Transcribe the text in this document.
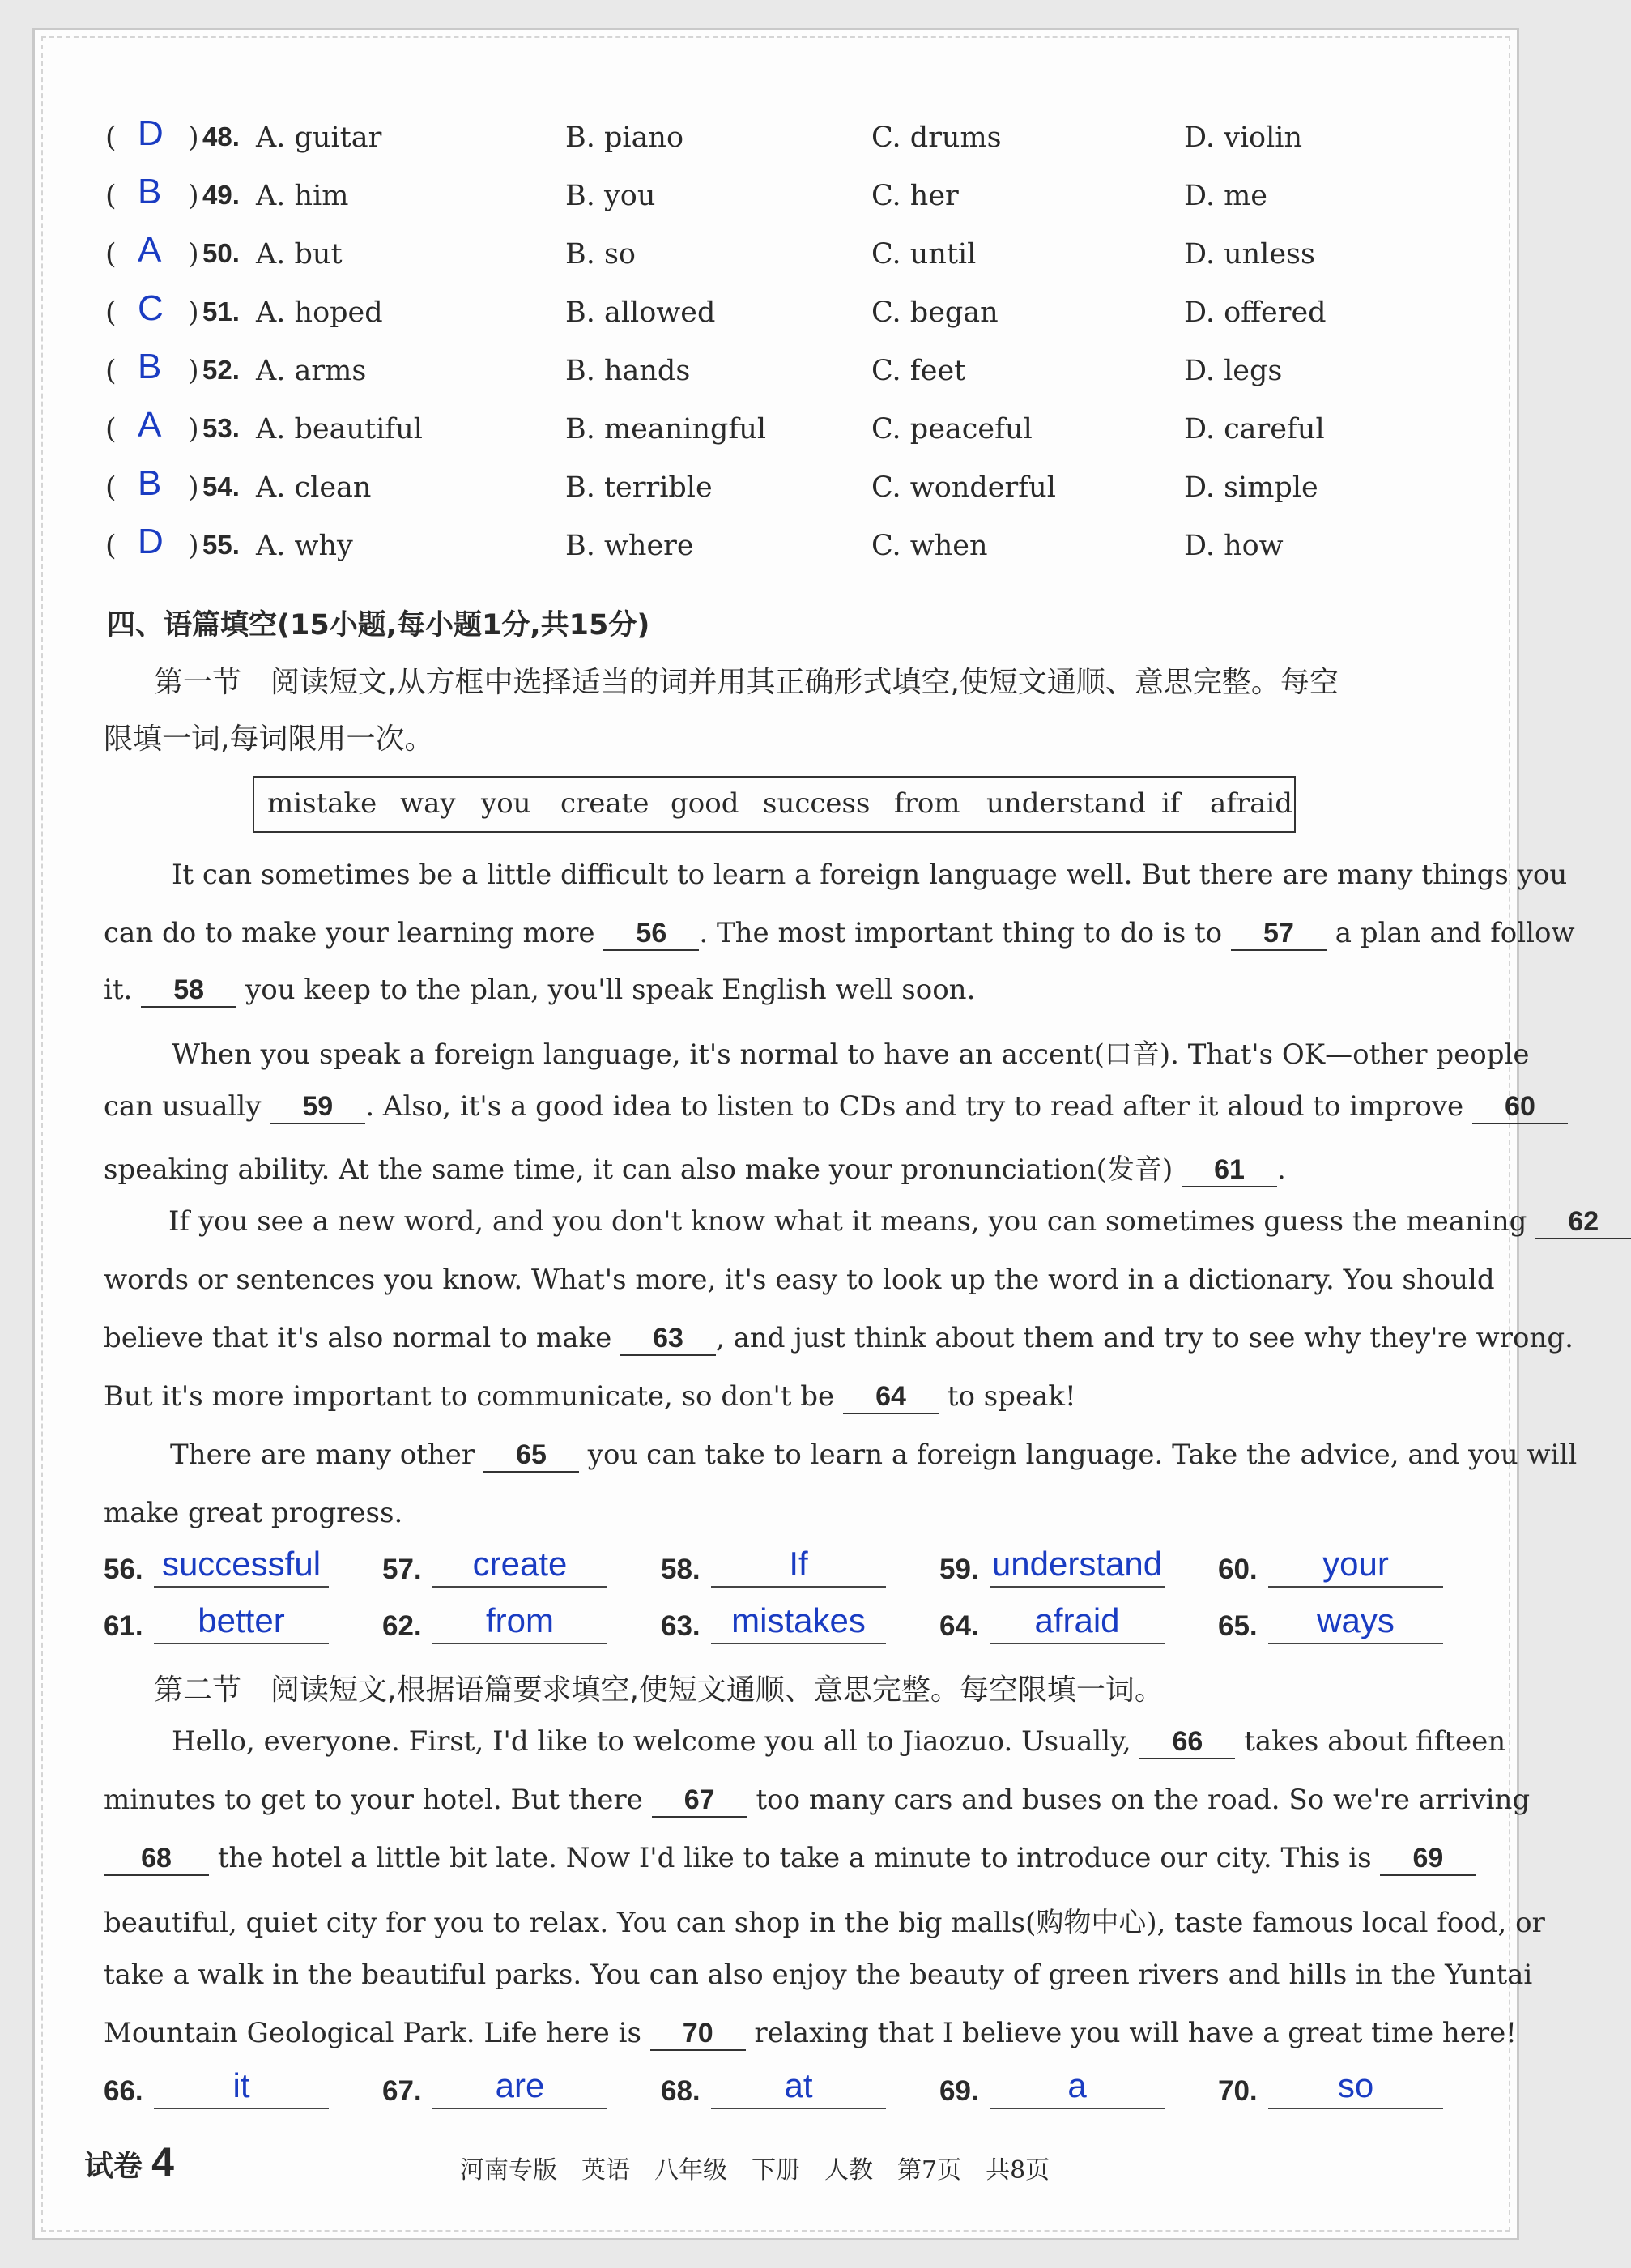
( D ) 48. A. guitar	B. piano	C. drums	D. violin
( B ) 49. A. him	B. you	C. her	D. me
( A ) 50. A. but	B. so	C. until	D. unless
( C ) 51. A. hoped	B. allowed	C. began	D. offered
( B ) 52. A. arms	B. hands	C. feet	D. legs
( A ) 53. A. beautiful	B. meaningful	C. peaceful	D. careful
( B ) 54. A. clean	B. terrible	C. wonderful	D. simple
( D ) 55. A. why	B. where	C. when	D. how
四、语篇填空(15小题,每小题1分,共15分)
第一节　阅读短文,从方框中选择适当的词并用其正确形式填空,使短文通顺、意思完整。每空
限填一词,每词限用一次。
mistake way you create good success from understand if afraid
It can sometimes be a little difficult to learn a foreign language well. But there are many things you
can do to make your learning more 56 . The most important thing to do is to 57 a plan and follow
it. 58 you keep to the plan, you'll speak English well soon.
When you speak a foreign language, it's normal to have an accent(口音). That's OK—other people
can usually 59 . Also, it's a good idea to listen to CDs and try to read after it aloud to improve 60
speaking ability. At the same time, it can also make your pronunciation(发音) 61 .
If you see a new word, and you don't know what it means, you can sometimes guess the meaning 62
words or sentences you know. What's more, it's easy to look up the word in a dictionary. You should
believe that it's also normal to make 63 , and just think about them and try to see why they're wrong.
But it's more important to communicate, so don't be 64 to speak!
There are many other 65 you can take to learn a foreign language. Take the advice, and you will
make great progress.
56. successful 57.	create	58.	If	59. understand 60.	your
61.	better	62.	from	63. mistakes	64.	afraid	65.	ways
第二节　阅读短文,根据语篇要求填空,使短文通顺、意思完整。每空限填一词。
Hello, everyone. First, I'd like to welcome you all to Jiaozuo. Usually, 66 takes about fifteen
minutes to get to your hotel. But there 67 too many cars and buses on the road. So we're arriving
68 the hotel a little bit late. Now I'd like to take a minute to introduce our city. This is 69
beautiful, quiet city for you to relax. You can shop in the big malls(购物中心), taste famous local food, or
take a walk in the beautiful parks. You can also enjoy the beauty of green rivers and hills in the Yuntai
Mountain Geological Park. Life here is 70 relaxing that I believe you will have a great time here!
66.	it	67.	are	68.	at	69.	a	70.	so
试卷 4	河南专版　英语　八年级　下册　人教　第7页　共8页
